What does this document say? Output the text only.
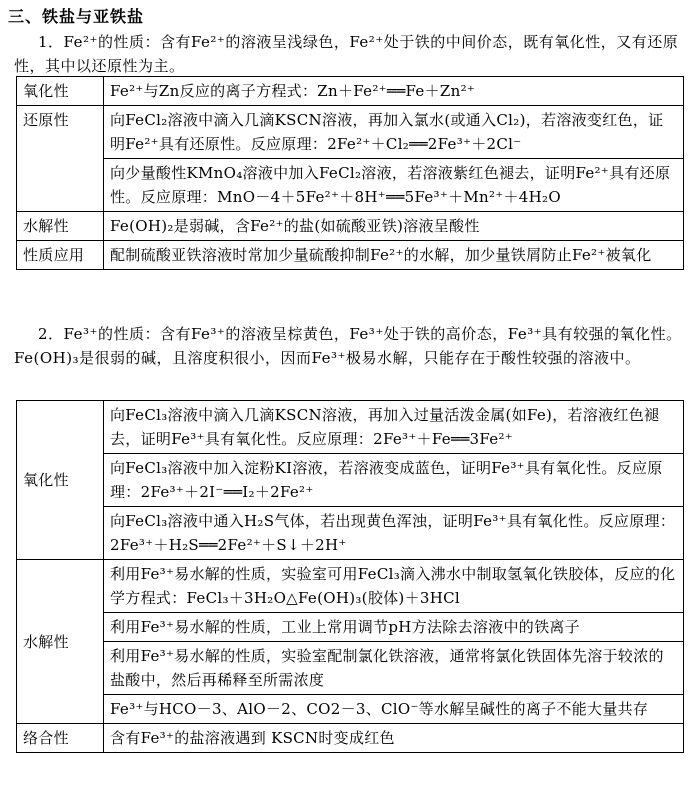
三、铁盐与亚铁盐
1．Fe²⁺的性质：含有Fe²⁺的溶液呈浅绿色，Fe²⁺处于铁的中间价态，既有氧化性，又有还原性，其中以还原性为主。
氧化性	Fe²⁺与Zn反应的离子方程式：Zn＋Fe²⁺══Fe＋Zn²⁺
还原性	向FeCl₂溶液中滴入几滴KSCN溶液，再加入氯水(或通入Cl₂)，若溶液变红色，证明Fe²⁺具有还原性。反应原理：2Fe²⁺＋Cl₂══2Fe³⁺＋2Cl⁻
	向少量酸性KMnO₄溶液中加入FeCl₂溶液，若溶液紫红色褪去，证明Fe²⁺具有还原性。反应原理：MnO－4＋5Fe²⁺＋8H⁺══5Fe³⁺＋Mn²⁺＋4H₂O
水解性	Fe(OH)₂是弱碱，含Fe²⁺的盐(如硫酸亚铁)溶液呈酸性
性质应用	配制硫酸亚铁溶液时常加少量硫酸抑制Fe²⁺的水解，加少量铁屑防止Fe²⁺被氧化
2．Fe³⁺的性质：含有Fe³⁺的溶液呈棕黄色，Fe³⁺处于铁的高价态，Fe³⁺具有较强的氧化性。Fe(OH)₃是很弱的碱，且溶度积很小，因而Fe³⁺极易水解，只能存在于酸性较强的溶液中。
氧化性	向FeCl₃溶液中滴入几滴KSCN溶液，再加入过量活泼金属(如Fe)，若溶液红色褪去，证明Fe³⁺具有氧化性。反应原理：2Fe³⁺＋Fe══3Fe²⁺
	向FeCl₃溶液中加入淀粉KI溶液，若溶液变成蓝色，证明Fe³⁺具有氧化性。反应原理：2Fe³⁺＋2I⁻══I₂＋2Fe²⁺
	向FeCl₃溶液中通入H₂S气体，若出现黄色浑浊，证明Fe³⁺具有氧化性。反应原理：2Fe³⁺＋H₂S══2Fe²⁺＋S↓＋2H⁺
水解性	利用Fe³⁺易水解的性质，实验室可用FeCl₃滴入沸水中制取氢氧化铁胶体，反应的化学方程式：FeCl₃＋3H₂O△Fe(OH)₃(胶体)＋3HCl
	利用Fe³⁺易水解的性质，工业上常用调节pH方法除去溶液中的铁离子
	利用Fe³⁺易水解的性质，实验室配制氯化铁溶液，通常将氯化铁固体先溶于较浓的盐酸中，然后再稀释至所需浓度
	Fe³⁺与HCO－3、AlO－2、CO2－3、ClO⁻等水解呈碱性的离子不能大量共存
络合性	含有Fe³⁺的盐溶液遇到 KSCN时变成红色
